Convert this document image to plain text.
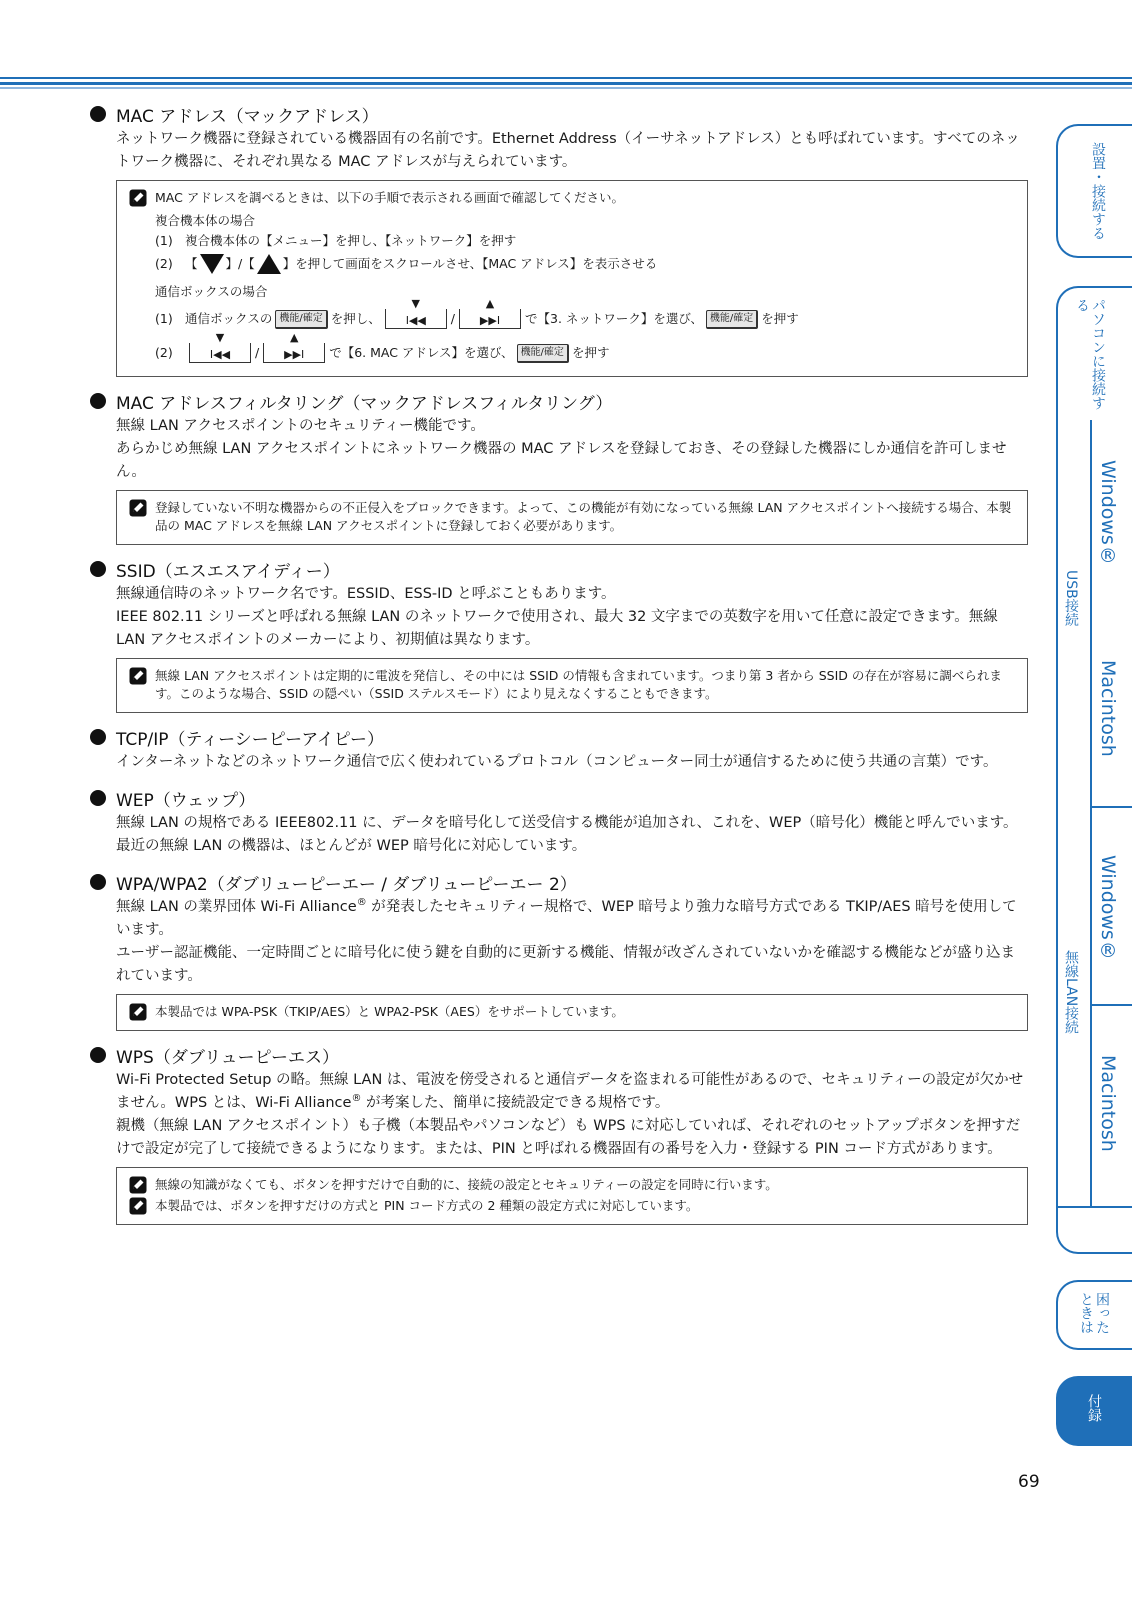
MAC アドレス（マックアドレス）

ネットワーク機器に登録されている機器固有の名前です。Ethernet Address（イーサネットアドレス）とも呼ばれています。すべてのネットワーク機器に、それぞれ異なる MAC アドレスが与えられています。

MAC アドレスを調べるときは、以下の手順で表示される画面で確認してください。
複合機本体の場合
(1) 複合機本体の【メニュー】を押し、【ネットワーク】を押す
(2) 【 】/【 】を押して画面をスクロールさせ、【MAC アドレス】を表示させる
通信ボックスの場合
(1) 通信ボックスの 機能/確定 を押し、
▼
I◀◀	/
▲
▶▶I	で【3. ネットワーク】を選び、 機能/確定 を押す
(2)
▼
I◀◀	/
▲
▶▶I	で【6. MAC アドレス】を選び、 機能/確定 を押す
MAC アドレスフィルタリング（マックアドレスフィルタリング）

無線 LAN アクセスポイントのセキュリティー機能です。

あらかじめ無線 LAN アクセスポイントにネットワーク機器の MAC アドレスを登録しておき、その登録した機器にしか通信を許可しません。

登録していない不明な機器からの不正侵入をブロックできます。よって、この機能が有効になっている無線 LAN アクセスポイントへ接続する場合、本製品の MAC アドレスを無線 LAN アクセスポイントに登録しておく必要があります。
SSID（エスエスアイディー）

無線通信時のネットワーク名です。ESSID、ESS-ID と呼ぶこともあります。

IEEE 802.11 シリーズと呼ばれる無線 LAN のネットワークで使用され、最大 32 文字までの英数字を用いて任意に設定できます。無線 LAN アクセスポイントのメーカーにより、初期値は異なります。

無線 LAN アクセスポイントは定期的に電波を発信し、その中には SSID の情報も含まれています。つまり第 3 者から SSID の存在が容易に調べられます。このような場合、SSID の隠ぺい（SSID ステルスモード）により見えなくすることもできます。
TCP/IP（ティーシーピーアイピー）

インターネットなどのネットワーク通信で広く使われているプロトコル（コンピューター同士が通信するために使う共通の言葉）です。

WEP（ウェップ）

無線 LAN の規格である IEEE802.11 に、データを暗号化して送受信する機能が追加され、これを、WEP（暗号化）機能と呼んでいます。

最近の無線 LAN の機器は、ほとんどが WEP 暗号化に対応しています。

WPA/WPA2（ダブリューピーエー / ダブリューピーエー 2）

無線 LAN の業界団体 Wi-Fi Alliance® が発表したセキュリティー規格で、WEP 暗号より強力な暗号方式である TKIP/AES 暗号を使用しています。

ユーザー認証機能、一定時間ごとに暗号化に使う鍵を自動的に更新する機能、情報が改ざんされていないかを確認する機能などが盛り込まれています。

本製品では WPA-PSK（TKIP/AES）と WPA2-PSK（AES）をサポートしています。
WPS（ダブリューピーエス）

Wi-Fi Protected Setup の略。無線 LAN は、電波を傍受されると通信データを盗まれる可能性があるので、セキュリティーの設定が欠かせません。WPS とは、Wi-Fi Alliance® が考案した、簡単に接続設定できる規格です。

親機（無線 LAN アクセスポイント）も子機（本製品やパソコンなど）も WPS に対応していれば、それぞれのセットアップボタンを押すだけで設定が完了して接続できるようになります。または、PIN と呼ばれる機器固有の番号を入力・登録する PIN コード方式があります。

無線の知識がなくても、ボタンを押すだけで自動的に、接続の設定とセキュリティーの設定を同時に行います。
本製品では、ボタンを押すだけの方式と PIN コード方式の 2 種類の設定方式に対応しています。
設置・接続する
パソコンに接続する
USB接続
Windows®
Macintosh
無線LAN接続
Windows®
Macintosh
困ったときは
付録
69
